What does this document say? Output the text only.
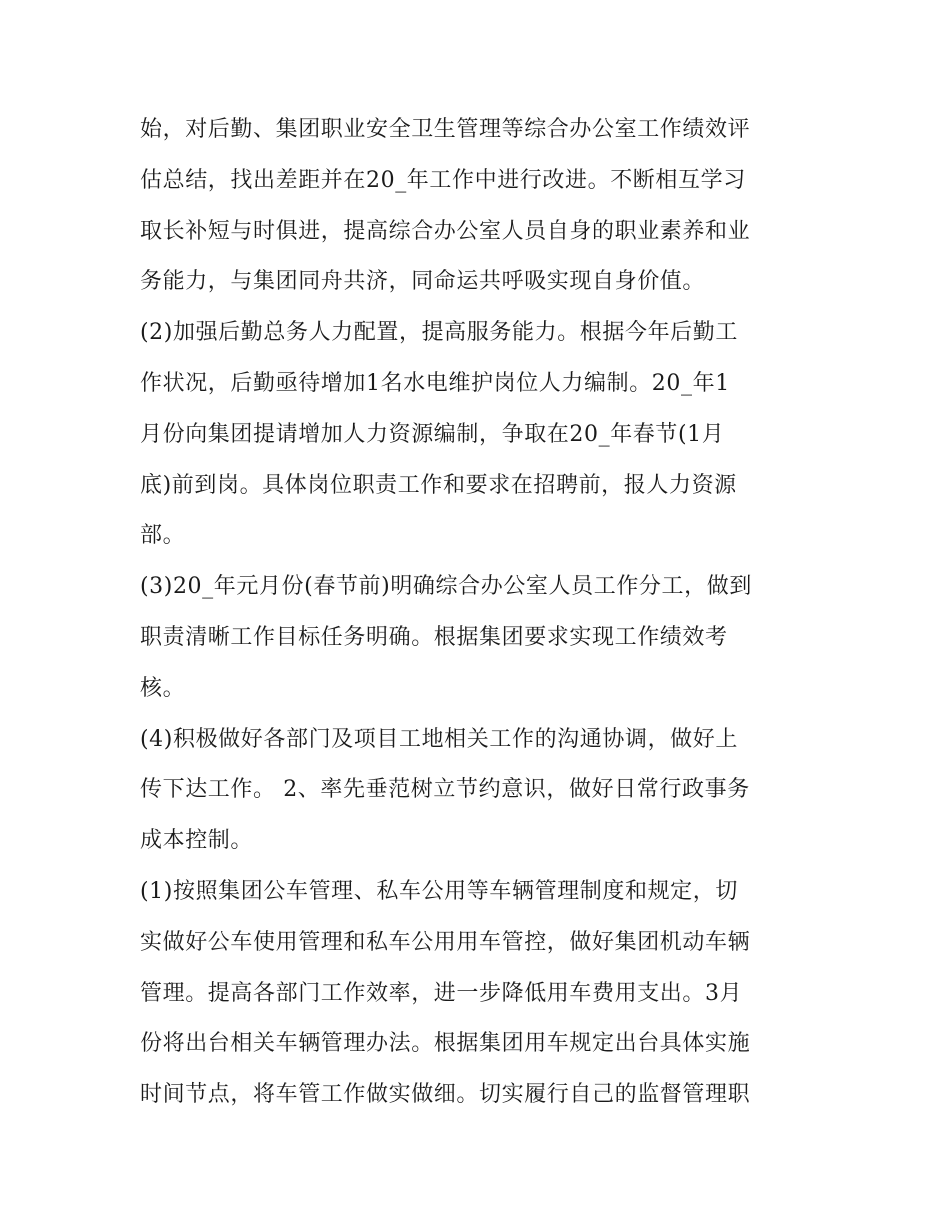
始，对后勤、集团职业安全卫生管理等综合办公室工作绩效评
估总结，找出差距并在20_年工作中进行改进。不断相互学习
取长补短与时俱进，提高综合办公室人员自身的职业素养和业
务能力，与集团同舟共济，同命运共呼吸实现自身价值。
(2)加强后勤总务人力配置，提高服务能力。根据今年后勤工
作状况，后勤亟待增加1名水电维护岗位人力编制。20_年1
月份向集团提请增加人力资源编制，争取在20_年春节(1月
底)前到岗。具体岗位职责工作和要求在招聘前，报人力资源
部。
(3)20_年元月份(春节前)明确综合办公室人员工作分工，做到
职责清晰工作目标任务明确。根据集团要求实现工作绩效考
核。
(4)积极做好各部门及项目工地相关工作的沟通协调，做好上
传下达工作。 2、率先垂范树立节约意识，做好日常行政事务
成本控制。
(1)按照集团公车管理、私车公用等车辆管理制度和规定，切
实做好公车使用管理和私车公用用车管控，做好集团机动车辆
管理。提高各部门工作效率，进一步降低用车费用支出。3月
份将出台相关车辆管理办法。根据集团用车规定出台具体实施
时间节点，将车管工作做实做细。切实履行自己的监督管理职
